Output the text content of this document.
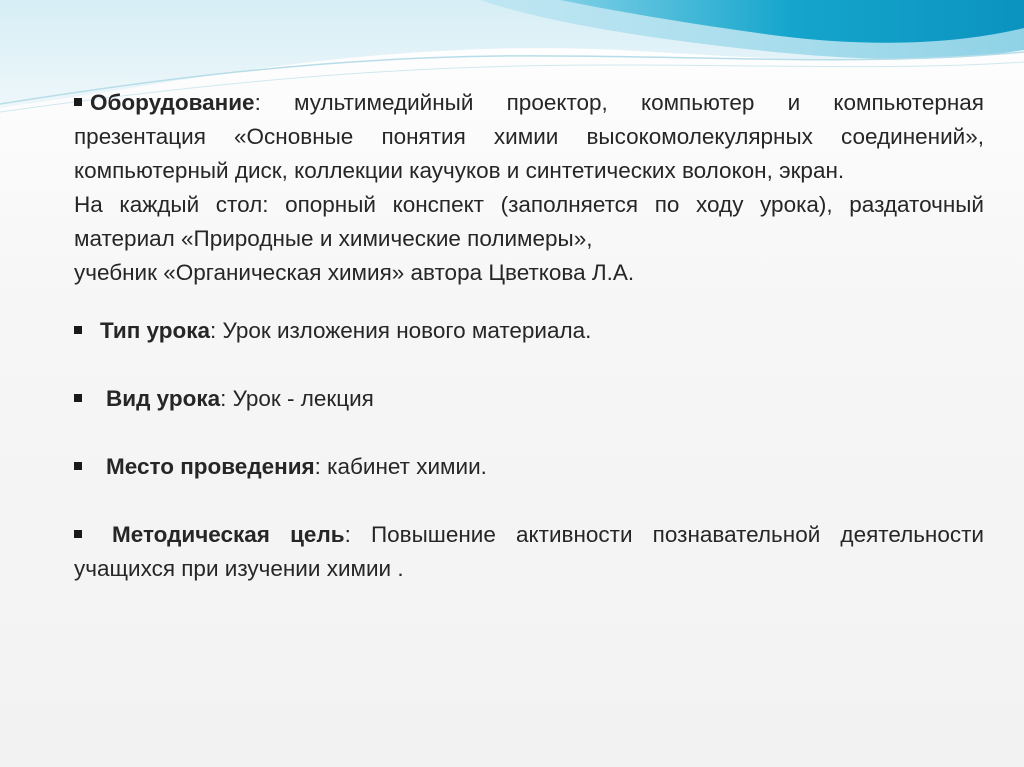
Оборудование: мультимедийный проектор, компьютер и компьютерная презентация «Основные понятия химии высокомолекулярных соединений», компьютерный диск, коллекции каучуков и синтетических волокон, экран.

На каждый стол: опорный конспект (заполняется по ходу урока), раздаточный материал «Природные и химические полимеры»,

учебник «Органическая химия» автора Цветкова Л.А.

Тип урока: Урок изложения нового материала.

Вид урока: Урок - лекция

Место проведения: кабинет химии.

Методическая цель: Повышение активности познавательной деятельности учащихся при изучении химии .
